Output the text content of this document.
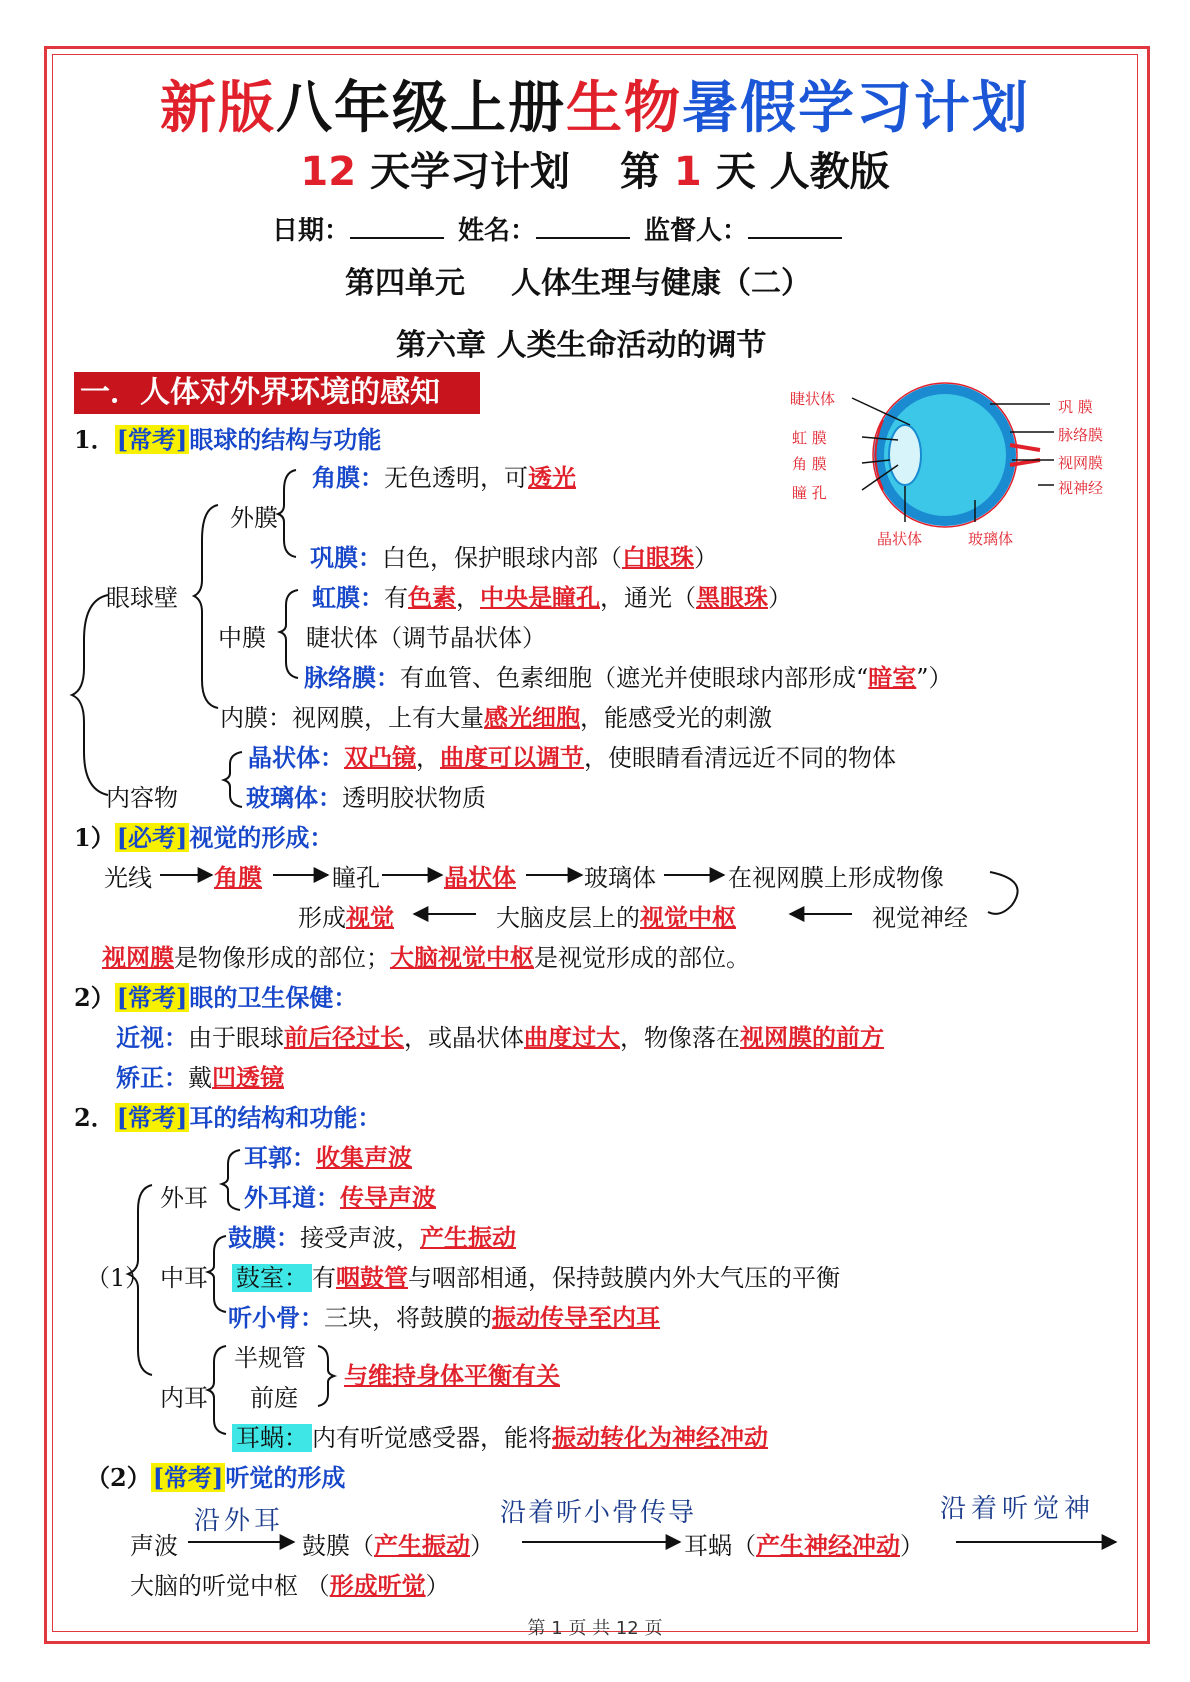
新版八年级上册生物暑假学习计划
12 天学习计划 第 1 天 人教版
日期：	姓名：	监督人：
第四单元 人体生理与健康（二）
第六章 人类生命活动的调节
一．人体对外界环境的感知	睫状体
虹 膜
角 膜
瞳 孔
巩 膜
脉络膜
视网膜
视神经
晶状体	玻璃体
1．[常考]眼球的结构与功能
眼球壁
外膜
角膜：无色透明，可透光
巩膜：白色，保护眼球内部（白眼珠）
中膜
虹膜：有色素，中央是瞳孔，通光（黑眼珠）
睫状体（调节晶状体）
脉络膜：有血管、色素细胞（遮光并使眼球内部形成“暗室”）
内膜：视网膜，上有大量感光细胞，能感受光的刺激
内容物
晶状体：双凸镜，曲度可以调节，使眼睛看清远近不同的物体
玻璃体：透明胶状物质
1）[必考]视觉的形成：
光线	角膜	瞳孔	晶状体	玻璃体	在视网膜上形成物像
形成视觉	大脑皮层上的视觉中枢	视觉神经
视网膜是物像形成的部位；大脑视觉中枢是视觉形成的部位。
2）[常考]眼的卫生保健：
近视：由于眼球前后径过长，或晶状体曲度过大，物像落在视网膜的前方
矫正：戴凹透镜
2．[常考]耳的结构和功能：
（1）
外耳
耳郭：收集声波
外耳道：传导声波
中耳
鼓膜：接受声波，产生振动
鼓室： 有咽鼓管与咽部相通，保持鼓膜内外大气压的平衡
听小骨：三块，将鼓膜的振动传导至内耳
内耳
半规管
前庭
与维持身体平衡有关
耳蜗： 内有听觉感受器，能将振动转化为神经冲动
（2）[常考]听觉的形成
沿外耳	沿着听小骨传导	沿着听觉神
声波	鼓膜（产生振动）	耳蜗（产生神经冲动）
大脑的听觉中枢 （形成听觉）
第 1 页 共 12 页
